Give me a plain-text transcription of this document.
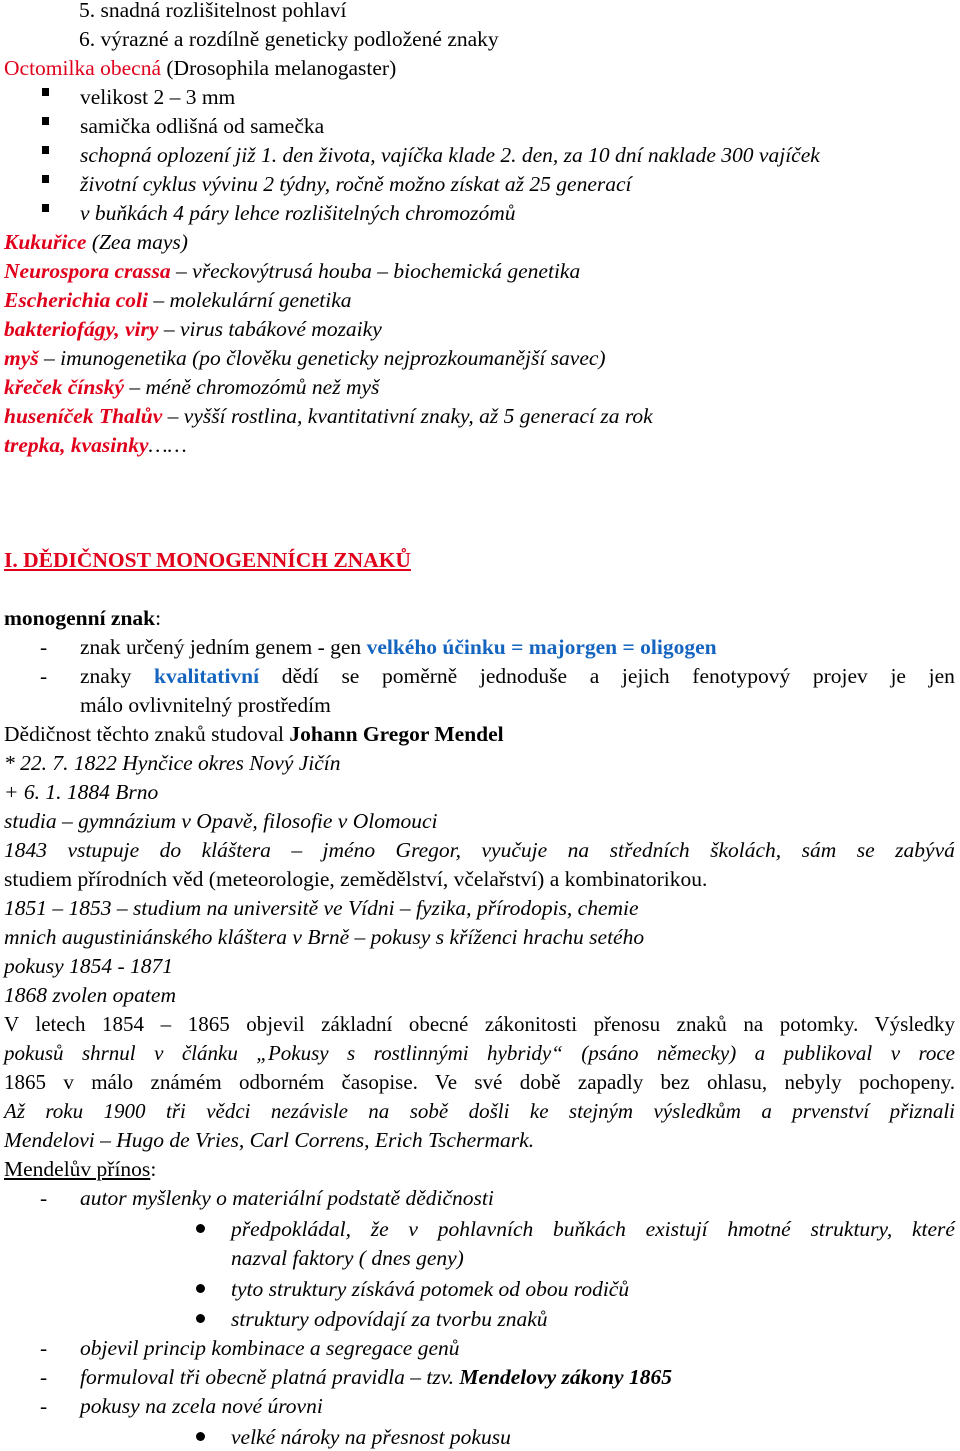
5. snadná rozlišitelnost pohlaví
6. výrazné a rozdílně geneticky podložené znaky
Octomilka obecná (Drosophila melanogaster)
velikost 2 – 3 mm
samička odlišná od samečka
schopná oplození již 1. den života, vajíčka klade 2. den, za 10 dní naklade 300 vajíček
životní cyklus vývinu 2 týdny, ročně možno získat až 25 generací
v buňkách 4 páry lehce rozlišitelných chromozómů
Kukuřice (Zea mays)
Neurospora crassa – vřeckovýtrusá houba – biochemická genetika
Escherichia coli – molekulární genetika
bakteriofágy, viry – virus tabákové mozaiky
myš – imunogenetika (po člověku geneticky nejprozkoumanější savec)
křeček čínský – méně chromozómů než myš
huseníček Thalův – vyšší rostlina, kvantitativní znaky, až 5 generací za rok
trepka, kvasinky……
I. DĚDIČNOST MONOGENNÍCH ZNAKŮ
monogenní znak:
- znak určený jedním genem - gen velkého účinku = majorgen = oligogen
- znaky kvalitativní dědí se poměrně jednoduše a jejich fenotypový projev je jen
málo ovlivnitelný prostředím
Dědičnost těchto znaků studoval Johann Gregor Mendel
* 22. 7. 1822 Hynčice okres Nový Jičín
+ 6. 1. 1884 Brno
studia – gymnázium v Opavě, filosofie v Olomouci
1843 vstupuje do kláštera – jméno Gregor, vyučuje na středních školách, sám se zabývá
studiem přírodních věd (meteorologie, zemědělství, včelařství) a kombinatorikou.
1851 – 1853 – studium na universitě ve Vídni – fyzika, přírodopis, chemie
mnich augustiniánského kláštera v Brně – pokusy s kříženci hrachu setého
pokusy 1854 - 1871
1868 zvolen opatem
V letech 1854 – 1865 objevil základní obecné zákonitosti přenosu znaků na potomky. Výsledky
pokusů shrnul v článku „Pokusy s rostlinnými hybridy“ (psáno německy) a publikoval v roce
1865 v málo známém odborném časopise. Ve své době zapadly bez ohlasu, nebyly pochopeny.
Až roku 1900 tři vědci nezávisle na sobě došli ke stejným výsledkům a prvenství přiznali
Mendelovi – Hugo de Vries, Carl Correns, Erich Tschermark.
Mendelův přínos:
- autor myšlenky o materiální podstatě dědičnosti
předpokládal, že v pohlavních buňkách existují hmotné struktury, které
nazval faktory ( dnes geny)
tyto struktury získává potomek od obou rodičů
struktury odpovídají za tvorbu znaků
- objevil princip kombinace a segregace genů
- formuloval tři obecně platná pravidla – tzv. Mendelovy zákony 1865
- pokusy na zcela nové úrovni
velké nároky na přesnost pokusu
